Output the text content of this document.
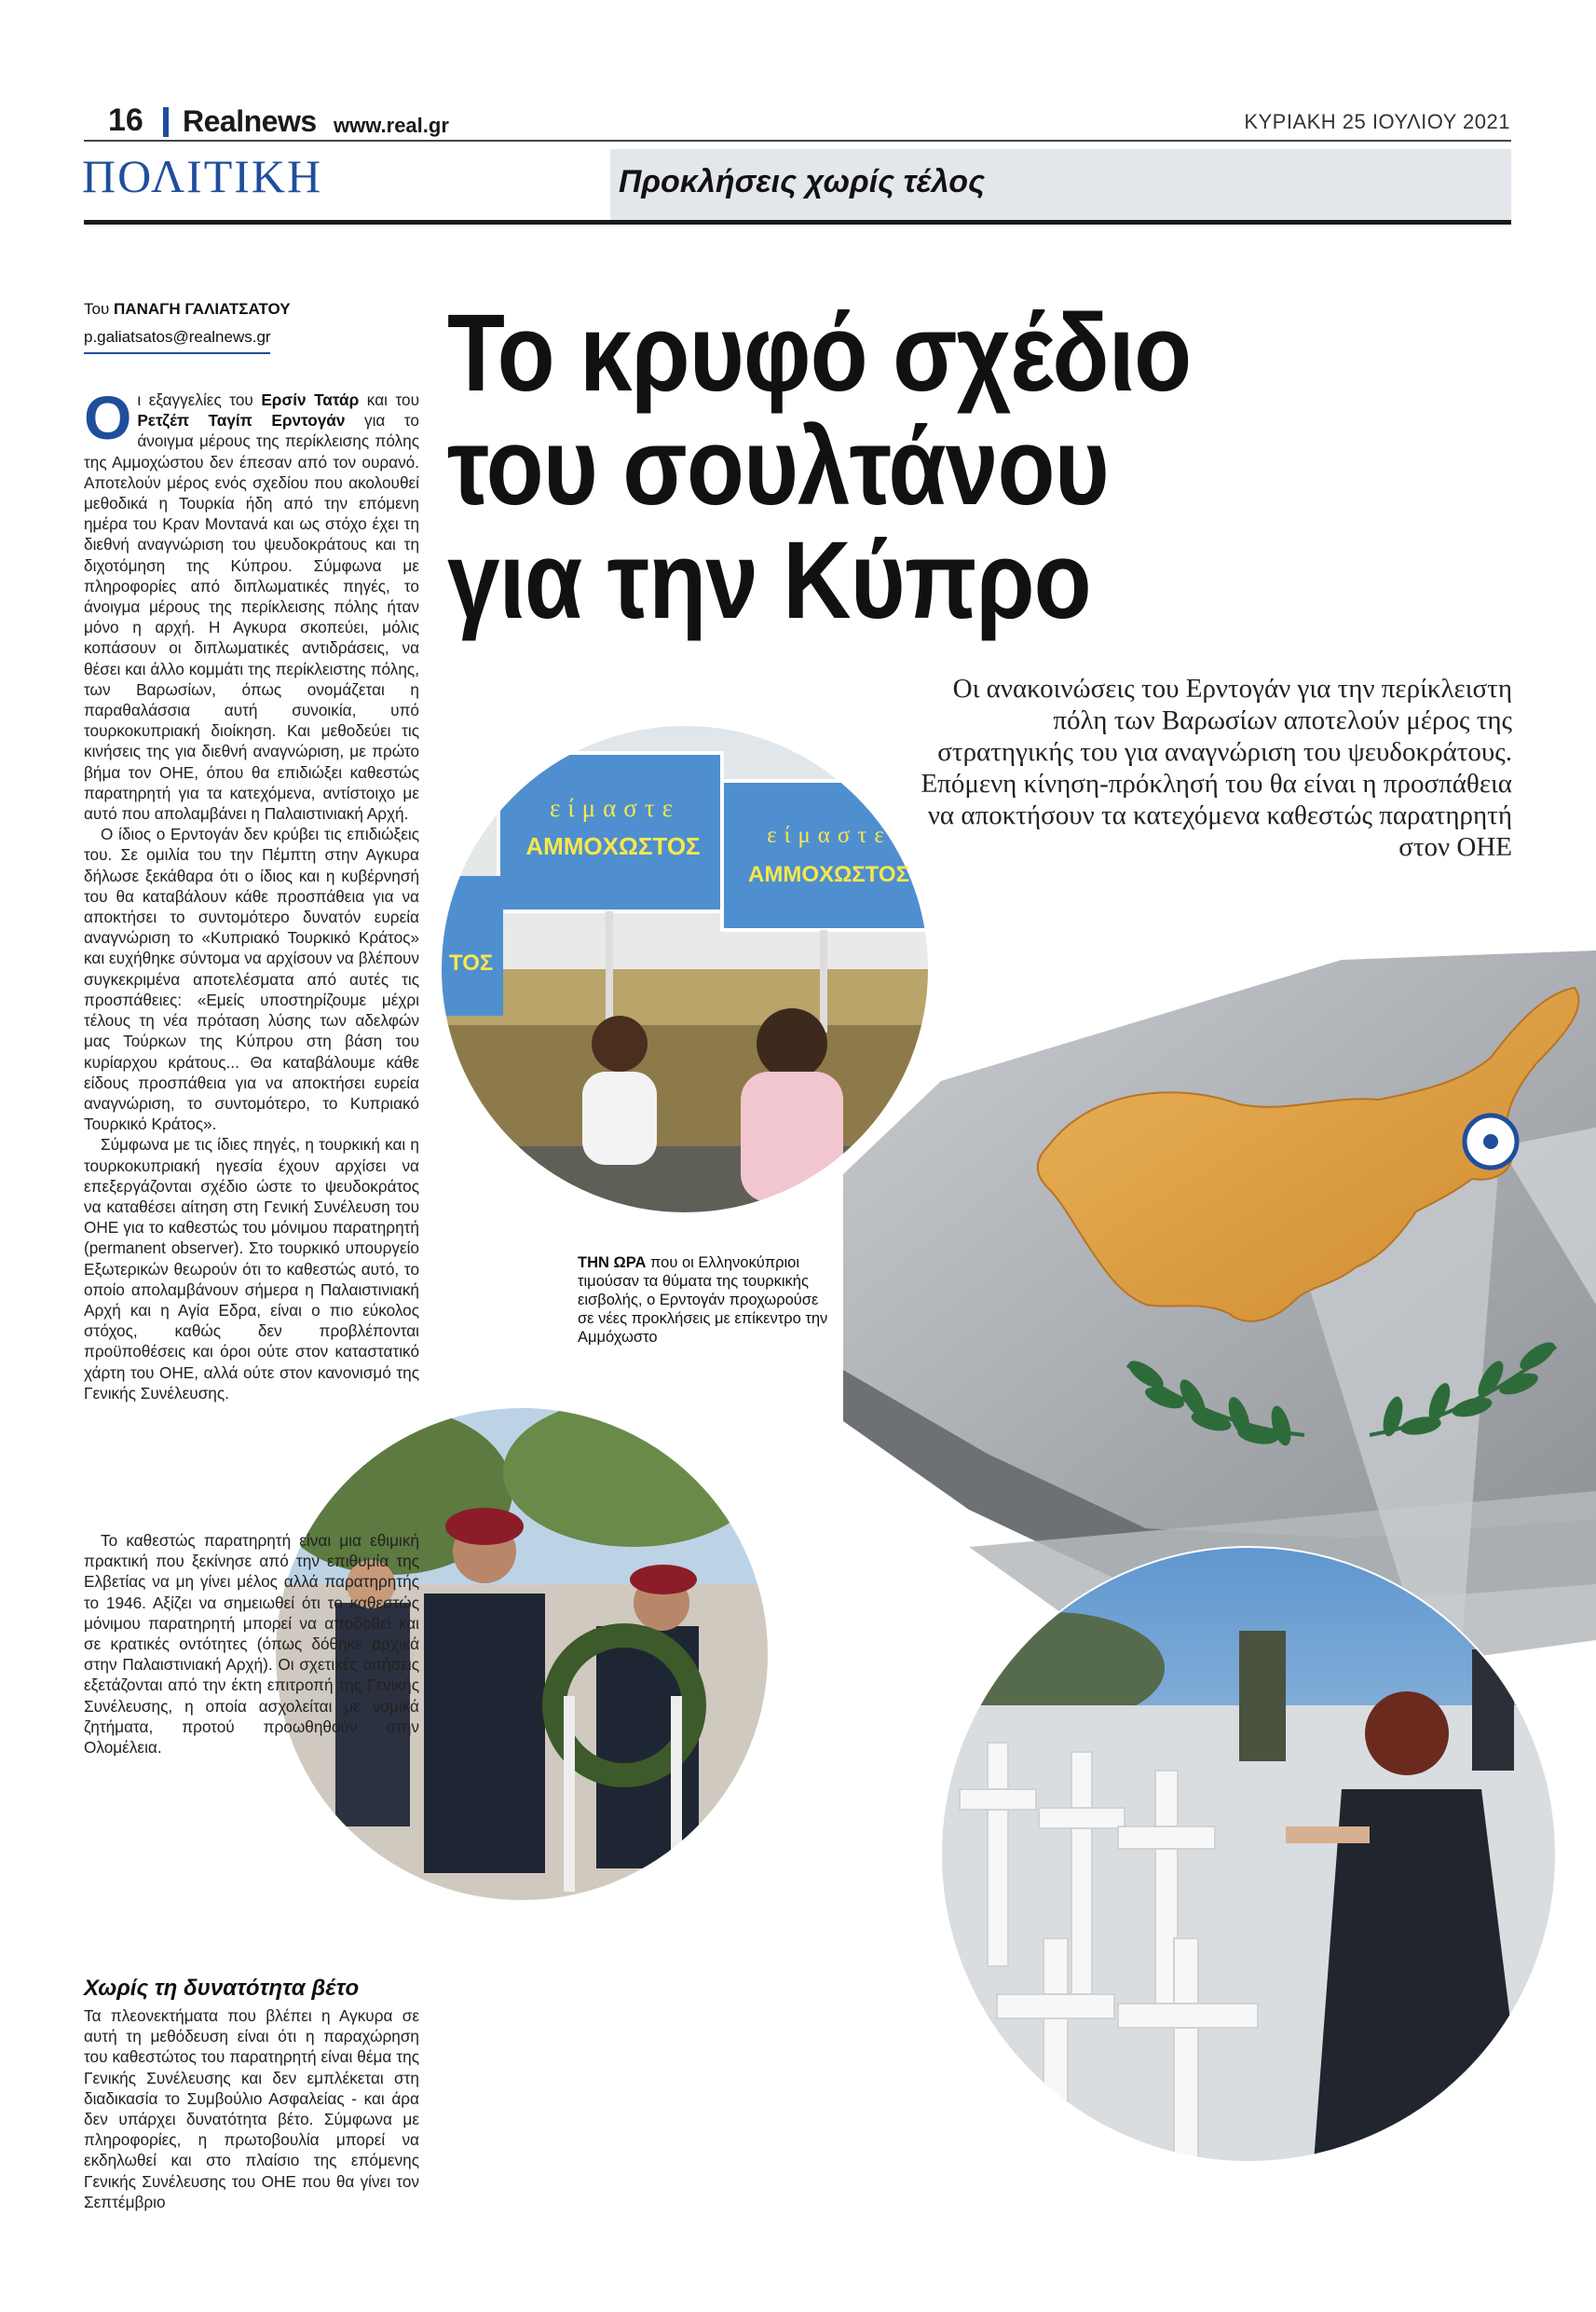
16 Realnews www.real.gr	ΚΥΡΙΑΚΗ 25 ΙΟΥΛΙΟΥ 2021
ΠΟΛΙΤΙΚΗ	Προκλήσεις χωρίς τέλος
Του ΠΑΝΑΓΗ ΓΑΛΙΑΤΣΑΤΟΥ
p.galiatsatos@realnews.gr
είμαστε
ΑΜΜΟΧΩΣΤΟΣ	είμαστε
ΑΜΜΟΧΩΣΤΟΣ
ΤΟΣ
Το κρυφό σχέδιο
του σουλτάνου
για την Κύπρο
Οι ανακοινώσεις του Ερντογάν για την περίκλειστη πόλη των Βαρωσίων αποτελούν μέρος της στρατηγικής του για αναγνώριση του ψευδοκράτους. Επόμενη κίνηση-πρόκλησή του θα είναι η προσπάθεια να αποκτήσουν τα κατεχόμενα καθεστώς παρατηρητή στον ΟΗΕ
ΤΗΝ ΩΡΑ που οι Ελληνοκύπριοι τιμούσαν τα θύματα της τουρκικής εισβολής, ο Ερντογάν προχωρούσε σε νέες προκλήσεις με επίκεντρο την Αμμόχωστο

Οι εξαγγελίες του Ερσίν Τατάρ και του Ρετζέπ Ταγίπ Ερντογάν για το άνοιγμα μέρους της περίκλεισης πόλης της Αμμοχώστου δεν έπεσαν από τον ουρανό. Αποτελούν μέρος ενός σχεδίου που ακολουθεί μεθοδικά η Τουρκία ήδη από την επόμενη ημέρα του Κραν Μοντανά και ως στόχο έχει τη διεθνή αναγνώριση του ψευδοκράτους και τη διχοτόμηση της Κύπρου. Σύμφωνα με πληροφορίες από διπλωματικές πηγές, το άνοιγμα μέρους της περίκλεισης πόλης ήταν μόνο η αρχή. Η Αγκυρα σκοπεύει, μόλις κοπάσουν οι διπλωματικές αντιδράσεις, να θέσει και άλλο κομμάτι της περίκλειστης πόλης, των Βαρωσίων, όπως ονομάζεται η παραθαλάσσια αυτή συνοικία, υπό τουρκοκυπριακή διοίκηση. Και μεθοδεύει τις κινήσεις της για διεθνή αναγνώριση, με πρώτο βήμα τον ΟΗΕ, όπου θα επιδιώξει καθεστώς παρατηρητή για τα κατεχόμενα, αντίστοιχο με αυτό που απολαμβάνει η Παλαιστινιακή Αρχή.

Ο ίδιος ο Ερντογάν δεν κρύβει τις επιδιώξεις του. Σε ομιλία του την Πέμπτη στην Αγκυρα δήλωσε ξεκάθαρα ότι ο ίδιος και η κυβέρνησή του θα καταβάλουν κάθε προσπάθεια για να αποκτήσει το συντομότερο δυνατόν ευρεία αναγνώριση το «Κυπριακό Τουρκικό Κράτος» και ευχήθηκε σύντομα να αρχίσουν να βλέπουν συγκεκριμένα αποτελέσματα από αυτές τις προσπάθειες: «Εμείς υποστηρίζουμε μέχρι τέλους τη νέα πρόταση λύσης των αδελφών μας Τούρκων της Κύπρου στη βάση του κυρίαρχου κράτους... Θα καταβάλουμε κάθε είδους προσπάθεια για να αποκτήσει ευρεία αναγνώριση, το συντομότερο, το Κυπριακό Τουρκικό Κράτος».

Σύμφωνα με τις ίδιες πηγές, η τουρκική και η τουρκοκυπριακή ηγεσία έχουν αρχίσει να επεξεργάζονται σχέδιο ώστε το ψευδοκράτος να καταθέσει αίτηση στη Γενική Συνέλευση του ΟΗΕ για το καθεστώς του μόνιμου παρατηρητή (permanent observer). Στο τουρκικό υπουργείο Εξωτερικών θεωρούν ότι το καθεστώς αυτό, το οποίο απολαμβάνουν σήμερα η Παλαιστινιακή Αρχή και η Αγία Εδρα, είναι ο πιο εύκολος στόχος, καθώς δεν προβλέπονται προϋποθέσεις και όροι ούτε στον καταστατικό χάρτη του ΟΗΕ, αλλά ούτε στον κανονισμό της Γενικής Συνέλευσης.

Το καθεστώς παρατηρητή είναι μια εθιμική πρακτική που ξεκίνησε από την επιθυμία της Ελβετίας να μη γίνει μέλος αλλά παρατηρητής το 1946. Αξίζει να σημειωθεί ότι το καθεστώς μόνιμου παρατηρητή μπορεί να αποδοθεί και σε κρατικές οντότητες (όπως δόθηκε αρχικά στην Παλαιστινιακή Αρχή). Οι σχετικές αιτήσεις εξετάζονται από την έκτη επιτροπή της Γενικής Συνέλευσης, η οποία ασχολείται με νομικά ζητήματα, προτού προωθηθούν στην Ολομέλεια.

Χωρίς τη δυνατότητα βέτο

Τα πλεονεκτήματα που βλέπει η Αγκυρα σε αυτή τη μεθόδευση είναι ότι η παραχώρηση του καθεστώτος του παρατηρητή είναι θέμα της Γενικής Συνέλευσης και δεν εμπλέκεται στη διαδικασία το Συμβούλιο Ασφαλείας - και άρα δεν υπάρχει δυνατότητα βέτο. Σύμφωνα με πληροφορίες, η πρωτοβουλία μπορεί να εκδηλωθεί και στο πλαίσιο της επόμενης Γενικής Συνέλευσης του ΟΗΕ που θα γίνει τον Σεπτέμβριο
